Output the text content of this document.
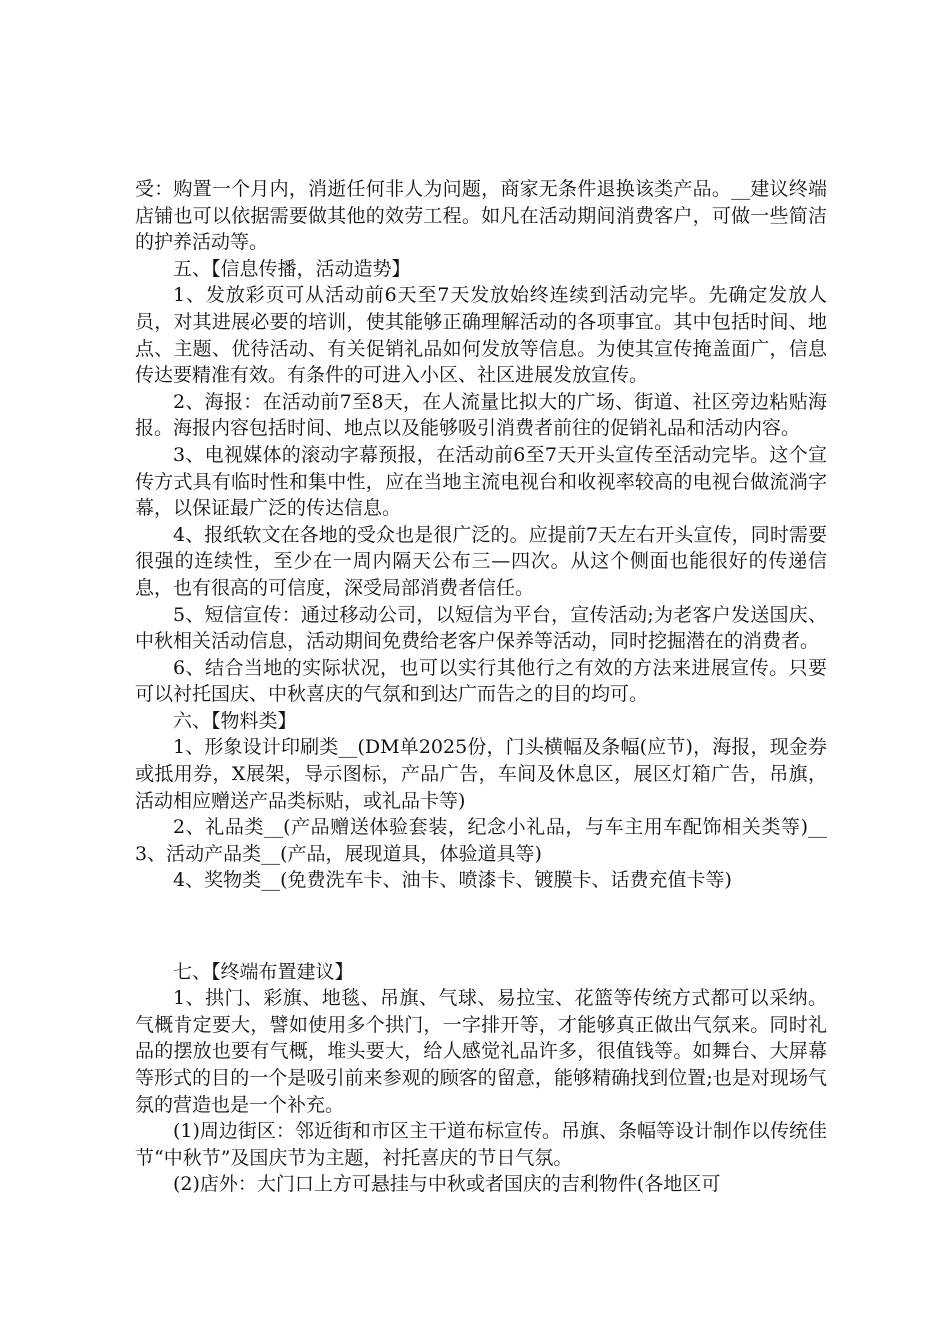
受：购置一个月内，消逝任何非人为问题，商家无条件退换该类产品。__建议终端店铺也可以依据需要做其他的效劳工程。如凡在活动期间消费客户，可做一些简洁的护养活动等。

五、【信息传播，活动造势】

1、发放彩页可从活动前6天至7天发放始终连续到活动完毕。先确定发放人员，对其进展必要的培训，使其能够正确理解活动的各项事宜。其中包括时间、地点、主题、优待活动、有关促销礼品如何发放等信息。为使其宣传掩盖面广，信息传达要精准有效。有条件的可进入小区、社区进展发放宣传。

2、海报：在活动前7至8天，在人流量比拟大的广场、街道、社区旁边粘贴海报。海报内容包括时间、地点以及能够吸引消费者前往的促销礼品和活动内容。

3、电视媒体的滚动字幕预报，在活动前6至7天开头宣传至活动完毕。这个宣传方式具有临时性和集中性，应在当地主流电视台和收视率较高的电视台做流淌字幕，以保证最广泛的传达信息。

4、报纸软文在各地的受众也是很广泛的。应提前7天左右开头宣传，同时需要很强的连续性，至少在一周内隔天公布三—四次。从这个侧面也能很好的传递信息，也有很高的可信度，深受局部消费者信任。

5、短信宣传：通过移动公司，以短信为平台，宣传活动;为老客户发送国庆、中秋相关活动信息，活动期间免费给老客户保养等活动，同时挖掘潜在的消费者。

6、结合当地的实际状况，也可以实行其他行之有效的方法来进展宣传。只要可以衬托国庆、中秋喜庆的气氛和到达广而告之的目的均可。

六、【物料类】

1、形象设计印刷类__(DM单2025份，门头横幅及条幅(应节)，海报，现金券或抵用券，X展架，导示图标，产品广告，车间及休息区，展区灯箱广告，吊旗，活动相应赠送产品类标贴，或礼品卡等)

2、礼品类__(产品赠送体验套装，纪念小礼品，与车主用车配饰相关类等)__3、活动产品类__(产品，展现道具，体验道具等)

4、奖物类__(免费洗车卡、油卡、喷漆卡、镀膜卡、话费充值卡等)

七、【终端布置建议】

1、拱门、彩旗、地毯、吊旗、气球、易拉宝、花篮等传统方式都可以采纳。气概肯定要大，譬如使用多个拱门，一字排开等，才能够真正做出气氛来。同时礼品的摆放也要有气概，堆头要大，给人感觉礼品许多，很值钱等。如舞台、大屏幕等形式的目的一个是吸引前来参观的顾客的留意，能够精确找到位置;也是对现场气氛的营造也是一个补充。

(1)周边街区：邻近街和市区主干道布标宣传。吊旗、条幅等设计制作以传统佳节“中秋节”及国庆节为主题，衬托喜庆的节日气氛。

(2)店外：大门口上方可悬挂与中秋或者国庆的吉利物件(各地区可
